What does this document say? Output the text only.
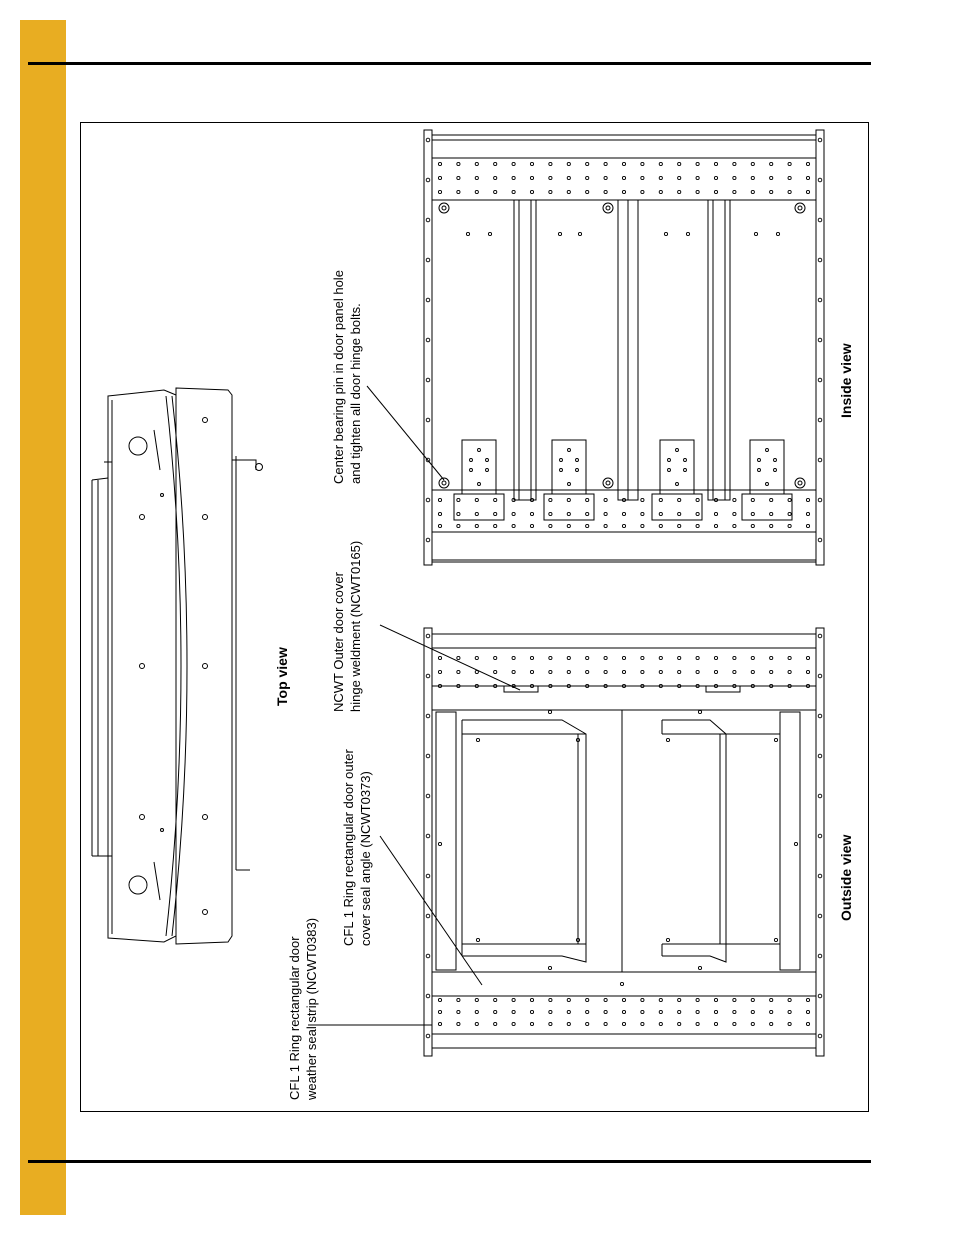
Top view
Outside view
Inside view
CFL 1 Ring rectangular door weather seal strip (NCWT0383)
CFL 1 Ring rectangular door outer cover seal angle (NCWT0373)
NCWT Outer door cover hinge weldment (NCWT0165)
Center bearing pin in door panel hole and tighten all door hinge bolts.
